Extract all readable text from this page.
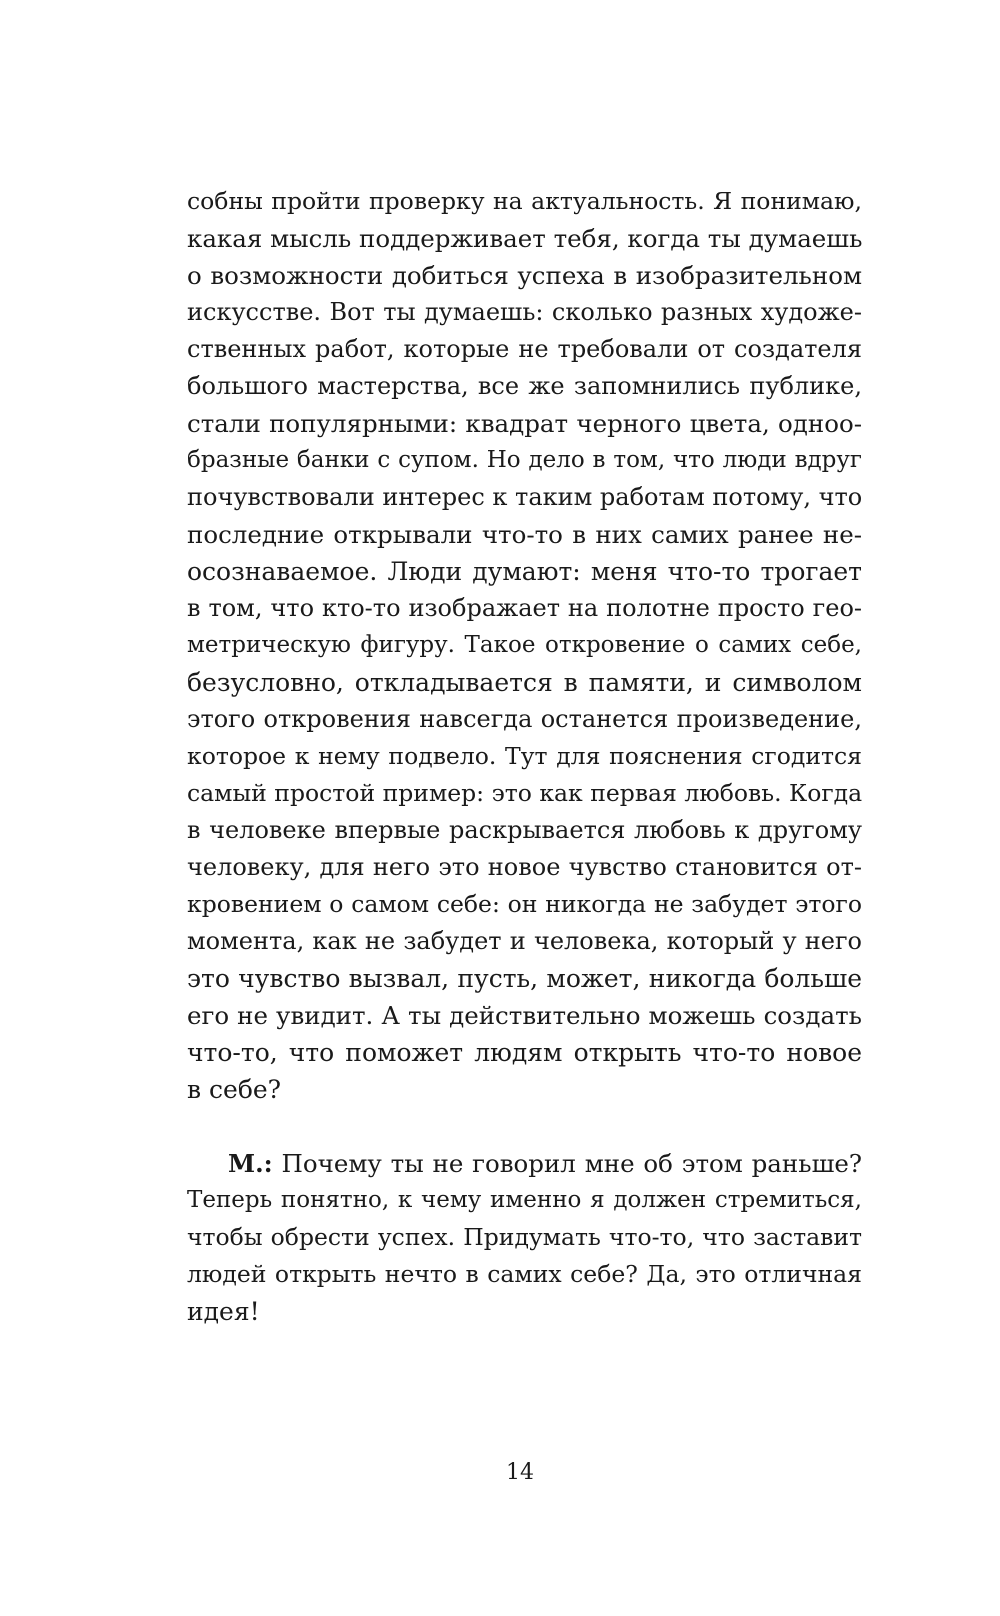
собны пройти проверку на актуальность. Я понимаю,
какая мысль поддерживает тебя, когда ты думаешь
о возможности добиться успеха в изобразительном
искусстве. Вот ты думаешь: сколько разных художе-
ственных работ, которые не требовали от создателя
большого мастерства, все же запомнились публике,
стали популярными: квадрат черного цвета, одноо-
бразные банки с супом. Но дело в том, что люди вдруг
почувствовали интерес к таким работам потому, что
последние открывали что-то в них самих ранее не-
осознаваемое. Люди думают: меня что-то трогает
в том, что кто-то изображает на полотне просто гео-
метрическую фигуру. Такое откровение о самих себе,
безусловно, откладывается в памяти, и символом
этого откровения навсегда останется произведение,
которое к нему подвело. Тут для пояснения сгодится
самый простой пример: это как первая любовь. Когда
в человеке впервые раскрывается любовь к другому
человеку, для него это новое чувство становится от-
кровением о самом себе: он никогда не забудет этого
момента, как не забудет и человека, который у него
это чувство вызвал, пусть, может, никогда больше
его не увидит. А ты действительно можешь создать
что-то, что поможет людям открыть что-то новое
в себе?
М.: Почему ты не говорил мне об этом раньше?
Теперь понятно, к чему именно я должен стремиться,
чтобы обрести успех. Придумать что-то, что заставит
людей открыть нечто в самих себе? Да, это отличная
идея!
14
